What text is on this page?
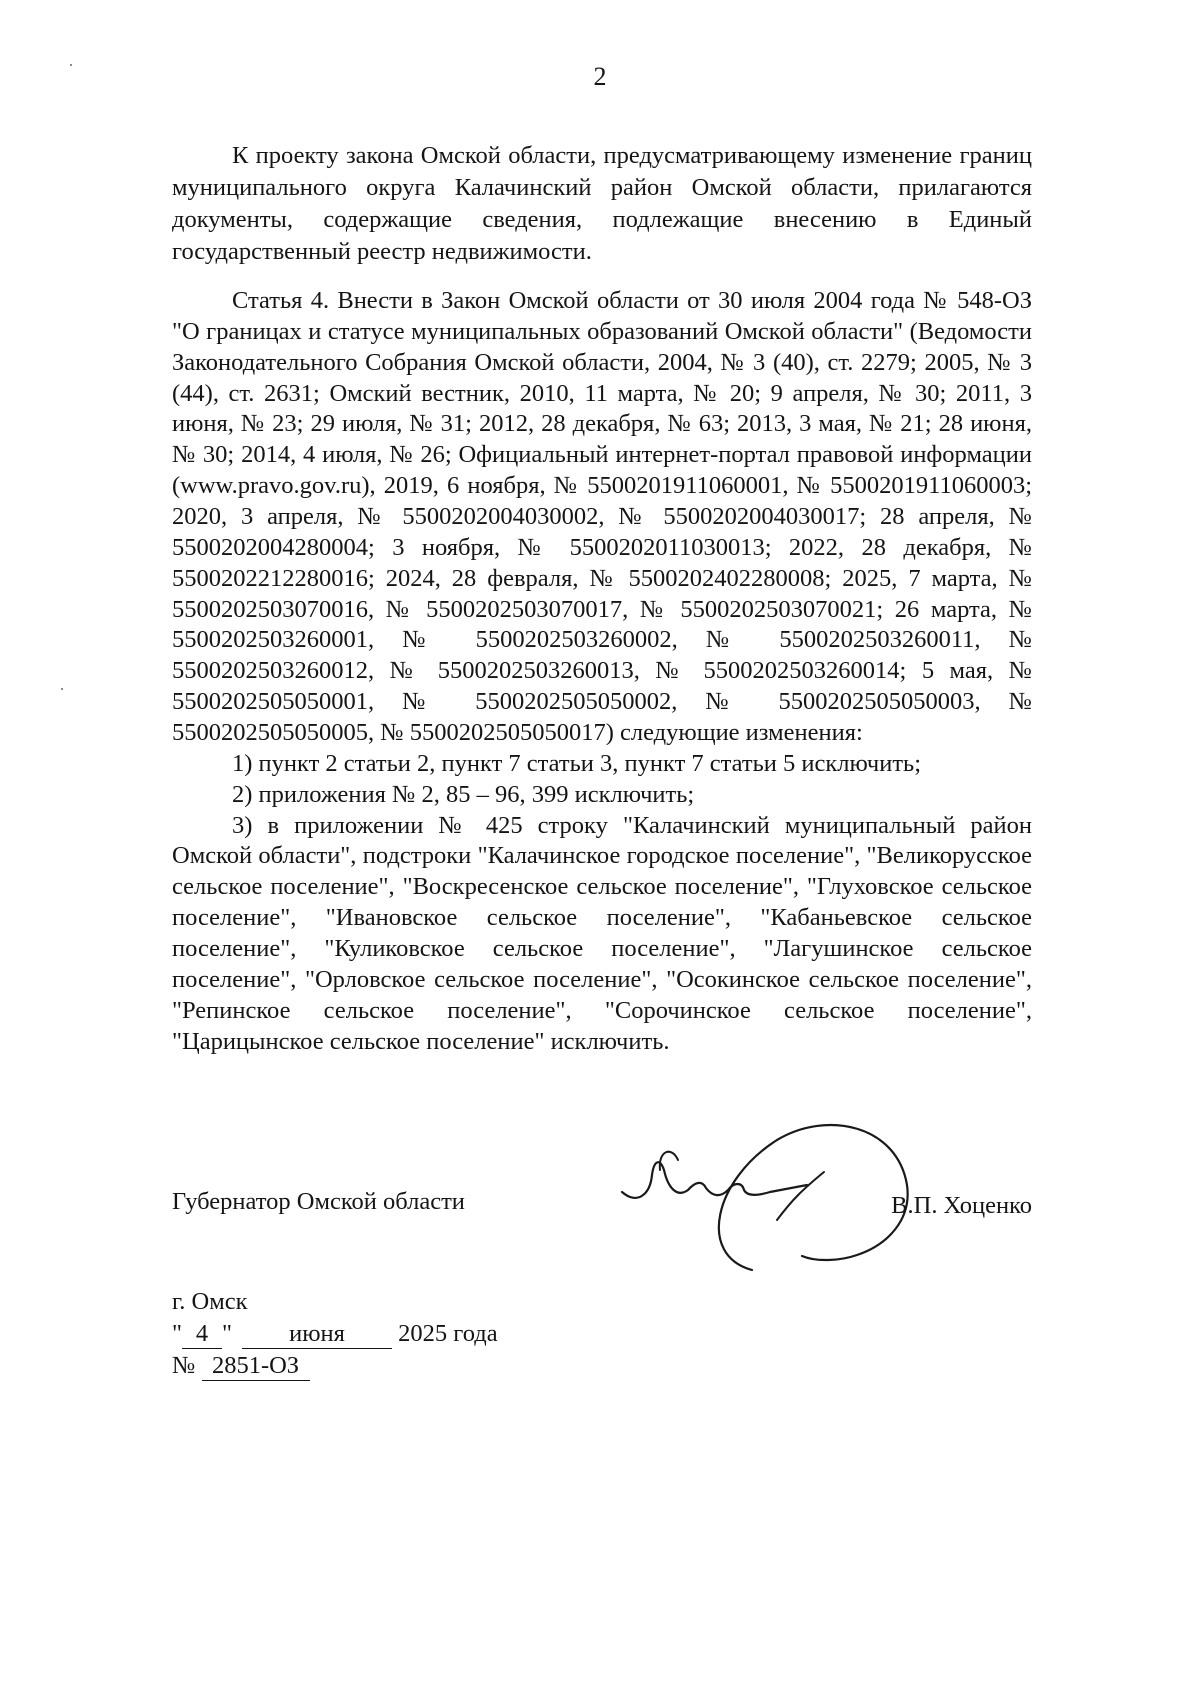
2

К проекту закона Омской области, предусматривающему изменение границ муниципального округа Калачинский район Омской области, прилагаются документы, содержащие сведения, подлежащие внесению в Единый государственный реестр недвижимости.

Статья 4. Внести в Закон Омской области от 30 июля 2004 года № 548-ОЗ "О границах и статусе муниципальных образований Омской области" (Ведомости Законодательного Собрания Омской области, 2004, № 3 (40), ст. 2279; 2005, № 3 (44), ст. 2631; Омский вестник, 2010, 11 марта, № 20; 9 апреля, № 30; 2011, 3 июня, № 23; 29 июля, № 31; 2012, 28 декабря, № 63; 2013, 3 мая, № 21; 28 июня, № 30; 2014, 4 июля, № 26; Официальный интернет-портал правовой информации (www.pravo.gov.ru), 2019, 6 ноября, № 5500201911060001, № 5500201911060003; 2020, 3 апреля, № 5500202004030002, № 5500202004030017; 28 апреля, № 5500202004280004; 3 ноября, № 5500202011030013; 2022, 28 декабря, № 5500202212280016; 2024, 28 февраля, № 5500202402280008; 2025, 7 марта, № 5500202503070016, № 5500202503070017, № 5500202503070021; 26 марта, № 5500202503260001, № 5500202503260002, № 5500202503260011, № 5500202503260012, № 5500202503260013, № 5500202503260014; 5 мая, № 5500202505050001, № 5500202505050002, № 5500202505050003, № 5500202505050005, № 5500202505050017) следующие изменения:

1) пункт 2 статьи 2, пункт 7 статьи 3, пункт 7 статьи 5 исключить;

2) приложения № 2, 85 – 96, 399 исключить;

3) в приложении № 425 строку "Калачинский муниципальный район Омской области", подстроки "Калачинское городское поселение", "Великорусское сельское поселение", "Воскресенское сельское поселение", "Глуховское сельское поселение", "Ивановское сельское поселение", "Кабаньевское сельское поселение", "Куликовское сельское поселение", "Лагушинское сельское поселение", "Орловское сельское поселение", "Осокинское сельское поселение", "Репинское сельское поселение", "Сорочинское сельское поселение", "Царицынское сельское поселение" исключить.

Губернатор Омской области	В.П. Хоценко
г. Омск
" 4 " июня 2025 года
№ 2851-ОЗ
